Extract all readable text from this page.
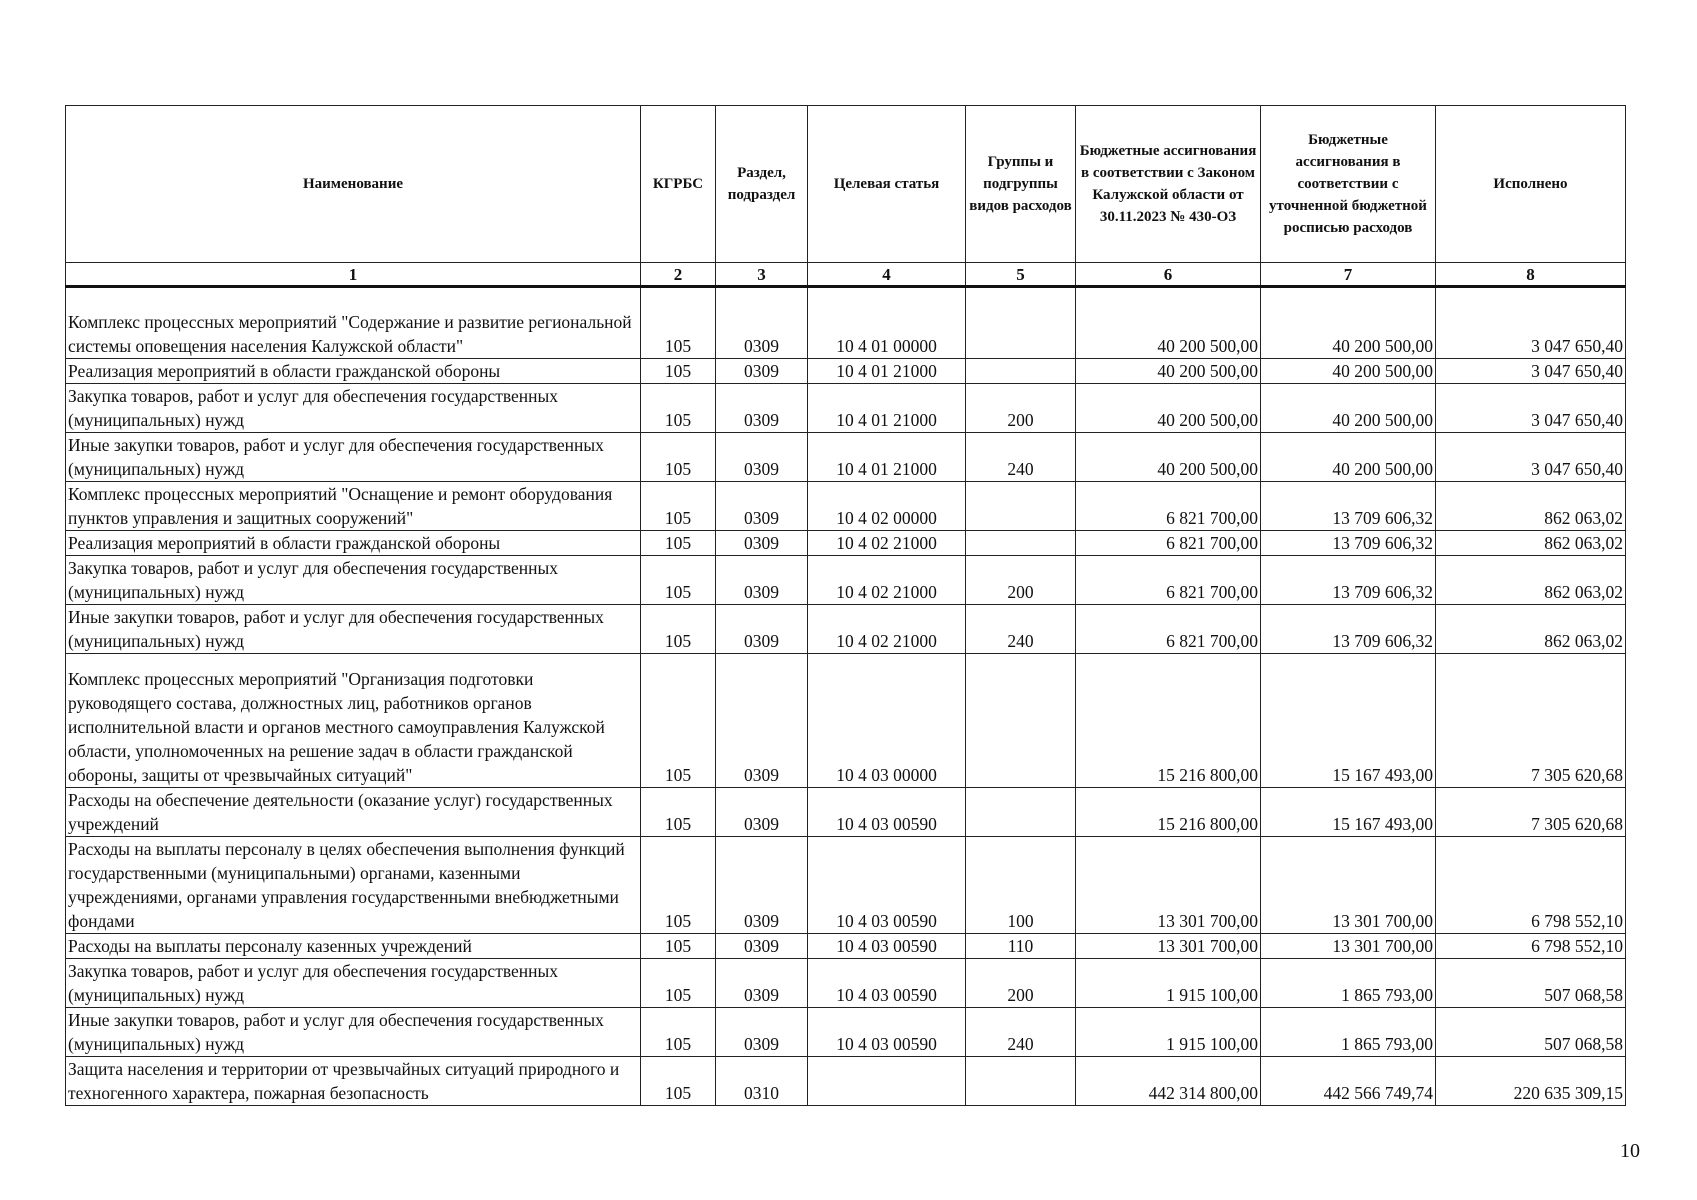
Наименование	КГРБС	Раздел, подраздел	Целевая статья	Группы и подгруппы видов расходов	Бюджетные ассигнования в соответствии с Законом Калужской области от 30.11.2023 № 430-ОЗ	Бюджетные ассигнования в соответствии с уточненной бюджетной росписью расходов	Исполнено
1	2	3	4	5	6	7	8
Комплекс процессных мероприятий "Содержание и развитие региональной системы оповещения населения Калужской области"	105	0309	10 4 01 00000		40 200 500,00	40 200 500,00	3 047 650,40
Реализация мероприятий в области гражданской обороны	105	0309	10 4 01 21000		40 200 500,00	40 200 500,00	3 047 650,40
Закупка товаров, работ и услуг для обеспечения государственных (муниципальных) нужд	105	0309	10 4 01 21000	200	40 200 500,00	40 200 500,00	3 047 650,40
Иные закупки товаров, работ и услуг для обеспечения государственных (муниципальных) нужд	105	0309	10 4 01 21000	240	40 200 500,00	40 200 500,00	3 047 650,40
Комплекс процессных мероприятий "Оснащение и ремонт оборудования пунктов управления и защитных сооружений"	105	0309	10 4 02 00000		6 821 700,00	13 709 606,32	862 063,02
Реализация мероприятий в области гражданской обороны	105	0309	10 4 02 21000		6 821 700,00	13 709 606,32	862 063,02
Закупка товаров, работ и услуг для обеспечения государственных (муниципальных) нужд	105	0309	10 4 02 21000	200	6 821 700,00	13 709 606,32	862 063,02
Иные закупки товаров, работ и услуг для обеспечения государственных (муниципальных) нужд	105	0309	10 4 02 21000	240	6 821 700,00	13 709 606,32	862 063,02
Комплекс процессных мероприятий "Организация подготовки руководящего состава, должностных лиц, работников органов исполнительной власти и органов местного самоуправления Калужской области, уполномоченных на решение задач в области гражданской обороны, защиты от чрезвычайных ситуаций"	105	0309	10 4 03 00000		15 216 800,00	15 167 493,00	7 305 620,68
Расходы на обеспечение деятельности (оказание услуг) государственных учреждений	105	0309	10 4 03 00590		15 216 800,00	15 167 493,00	7 305 620,68
Расходы на выплаты персоналу в целях обеспечения выполнения функций государственными (муниципальными) органами, казенными учреждениями, органами управления государственными внебюджетными фондами	105	0309	10 4 03 00590	100	13 301 700,00	13 301 700,00	6 798 552,10
Расходы на выплаты персоналу казенных учреждений	105	0309	10 4 03 00590	110	13 301 700,00	13 301 700,00	6 798 552,10
Закупка товаров, работ и услуг для обеспечения государственных (муниципальных) нужд	105	0309	10 4 03 00590	200	1 915 100,00	1 865 793,00	507 068,58
Иные закупки товаров, работ и услуг для обеспечения государственных (муниципальных) нужд	105	0309	10 4 03 00590	240	1 915 100,00	1 865 793,00	507 068,58
Защита населения и территории от чрезвычайных ситуаций природного и техногенного характера, пожарная безопасность	105	0310			442 314 800,00	442 566 749,74	220 635 309,15
10
